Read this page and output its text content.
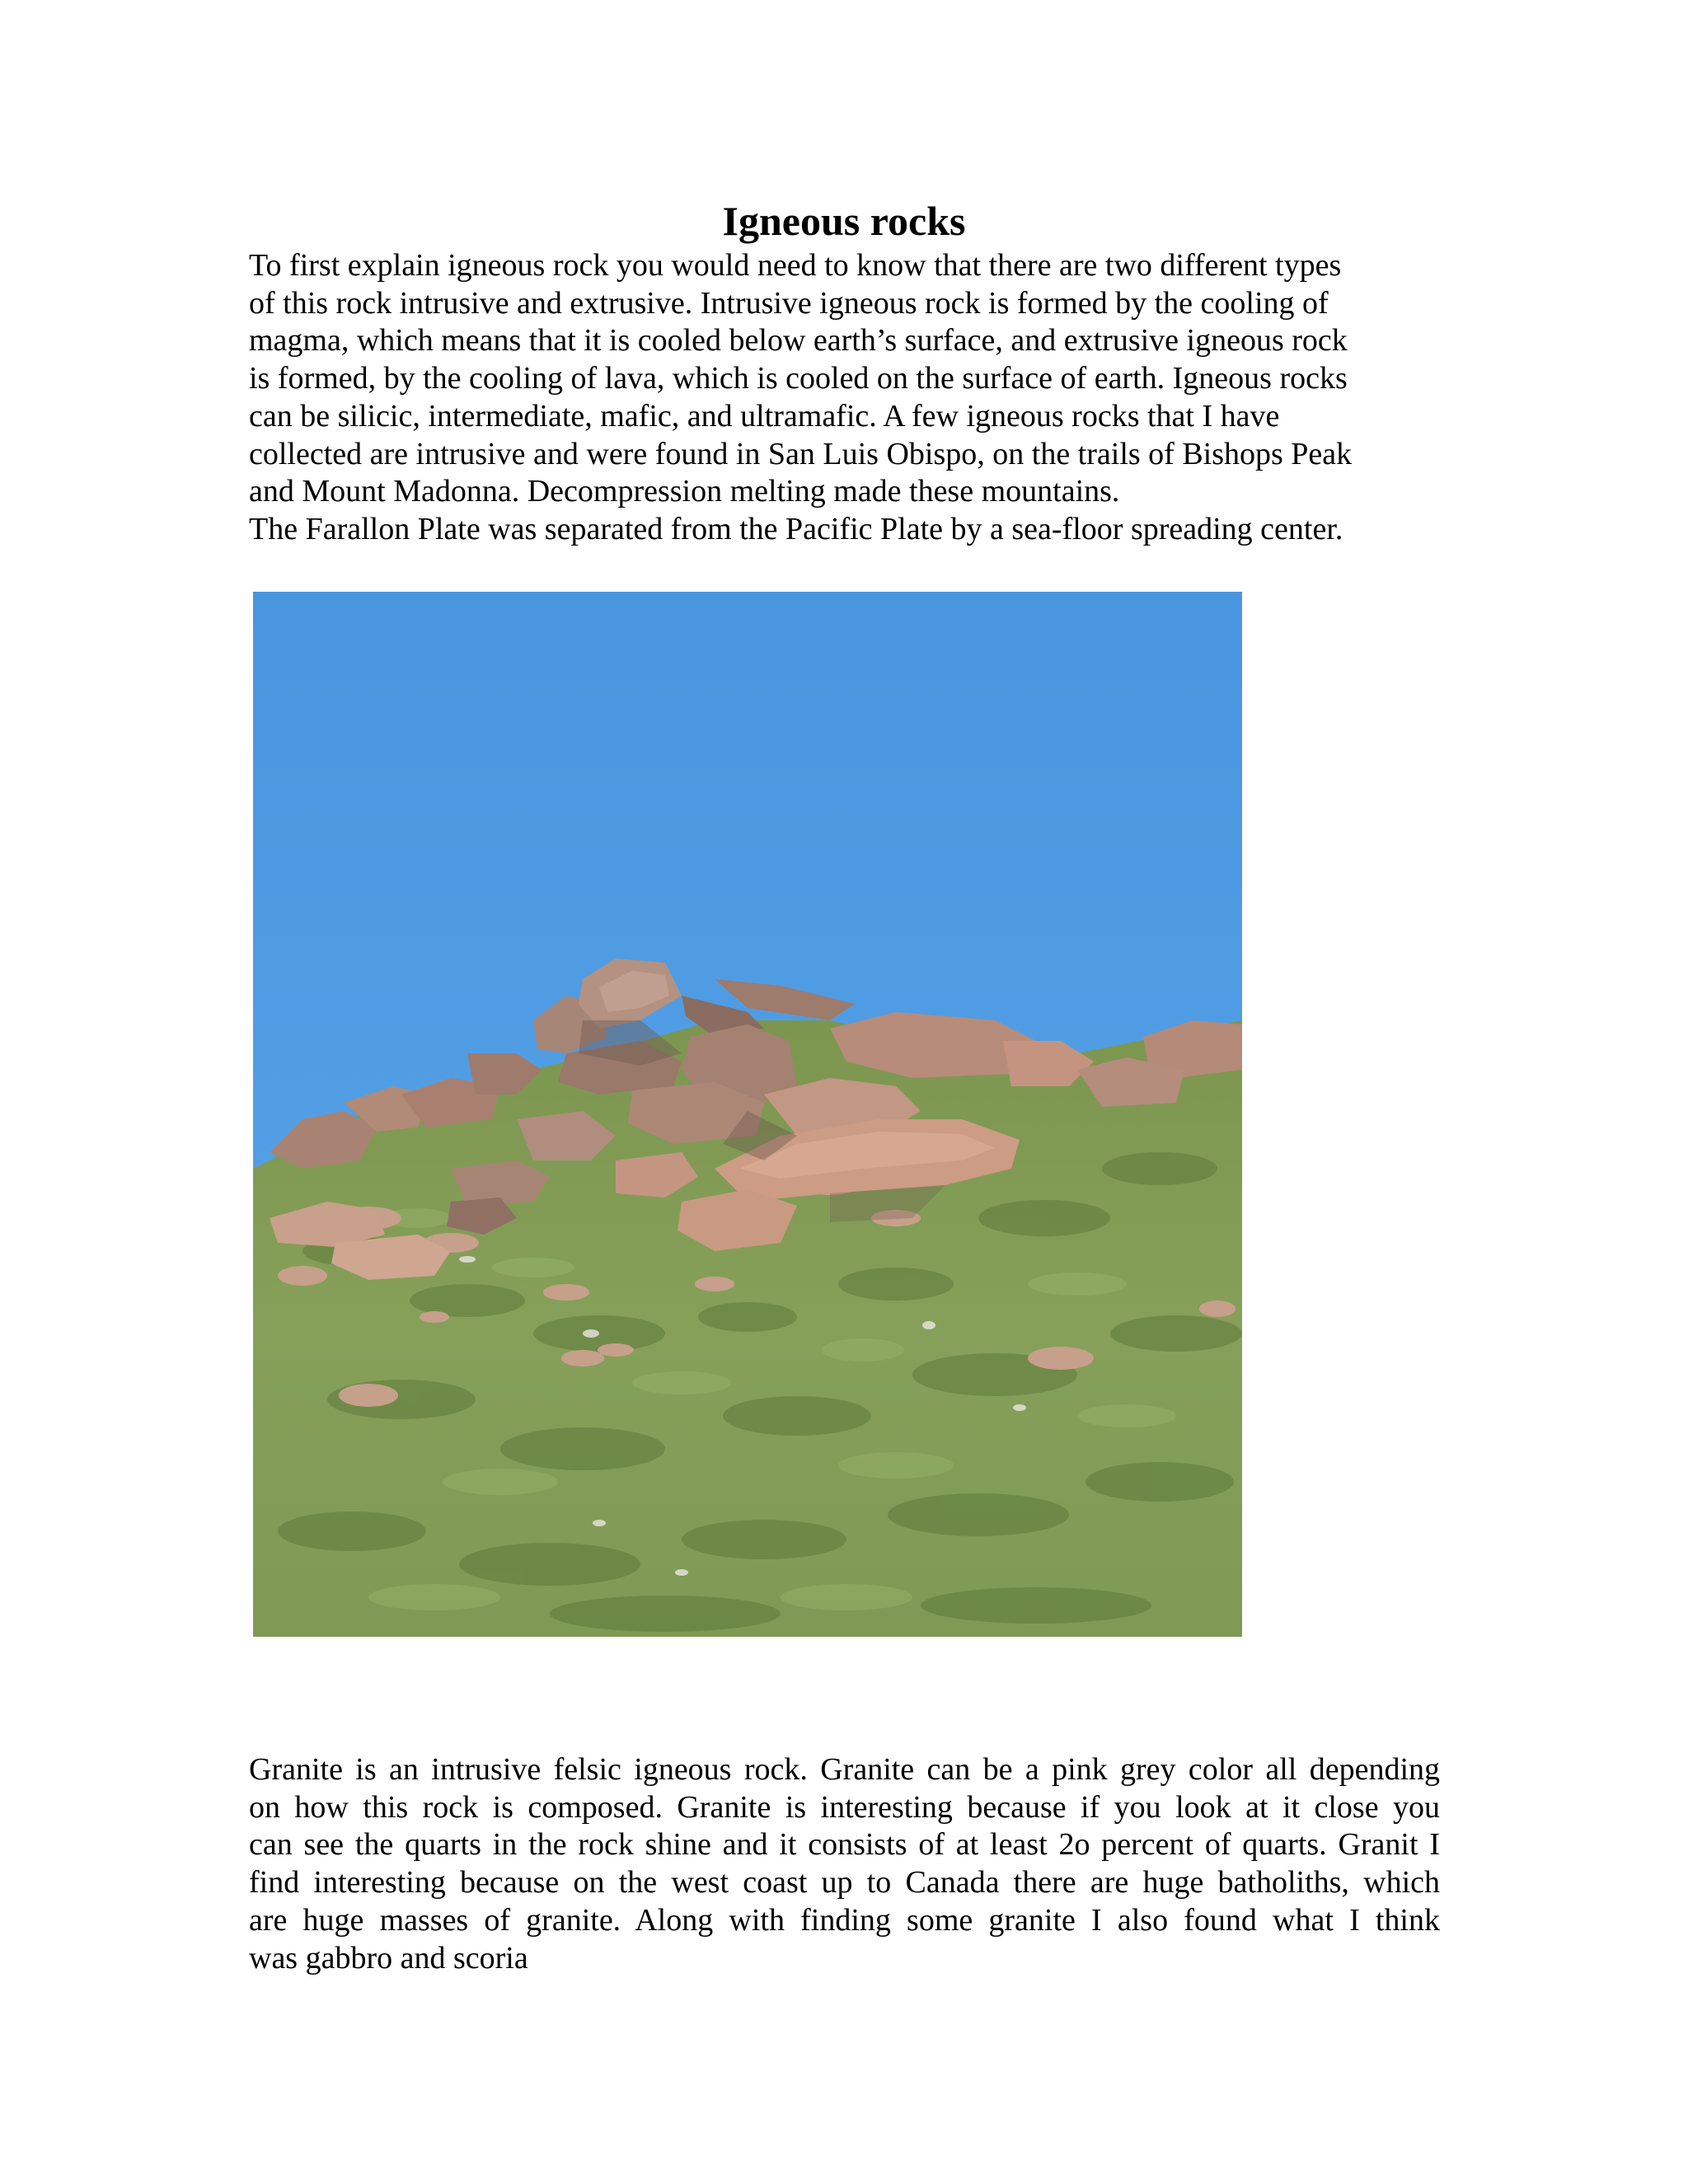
Igneous rocks

To first explain igneous rock you would need to know that there are two different types
of this rock intrusive and extrusive. Intrusive igneous rock is formed by the cooling of
magma, which means that it is cooled below earth’s surface, and extrusive igneous rock
is formed, by the cooling of lava, which is cooled on the surface of earth. Igneous rocks
can be silicic, intermediate, mafic, and ultramafic. A few igneous rocks that I have
collected are intrusive and were found in San Luis Obispo, on the trails of Bishops Peak
and Mount Madonna. Decompression melting made these mountains.
The Farallon Plate was separated from the Pacific Plate by a sea-floor spreading center.

Granite is an intrusive felsic igneous rock. Granite can be a pink grey color all depending
on how this rock is composed. Granite is interesting because if you look at it close you
can see the quarts in the rock shine and it consists of at least 2o percent of quarts. Granit I
find interesting because on the west coast up to Canada there are huge batholiths, which
are huge masses of granite. Along with finding some granite I also found what I think
was gabbro and scoria
